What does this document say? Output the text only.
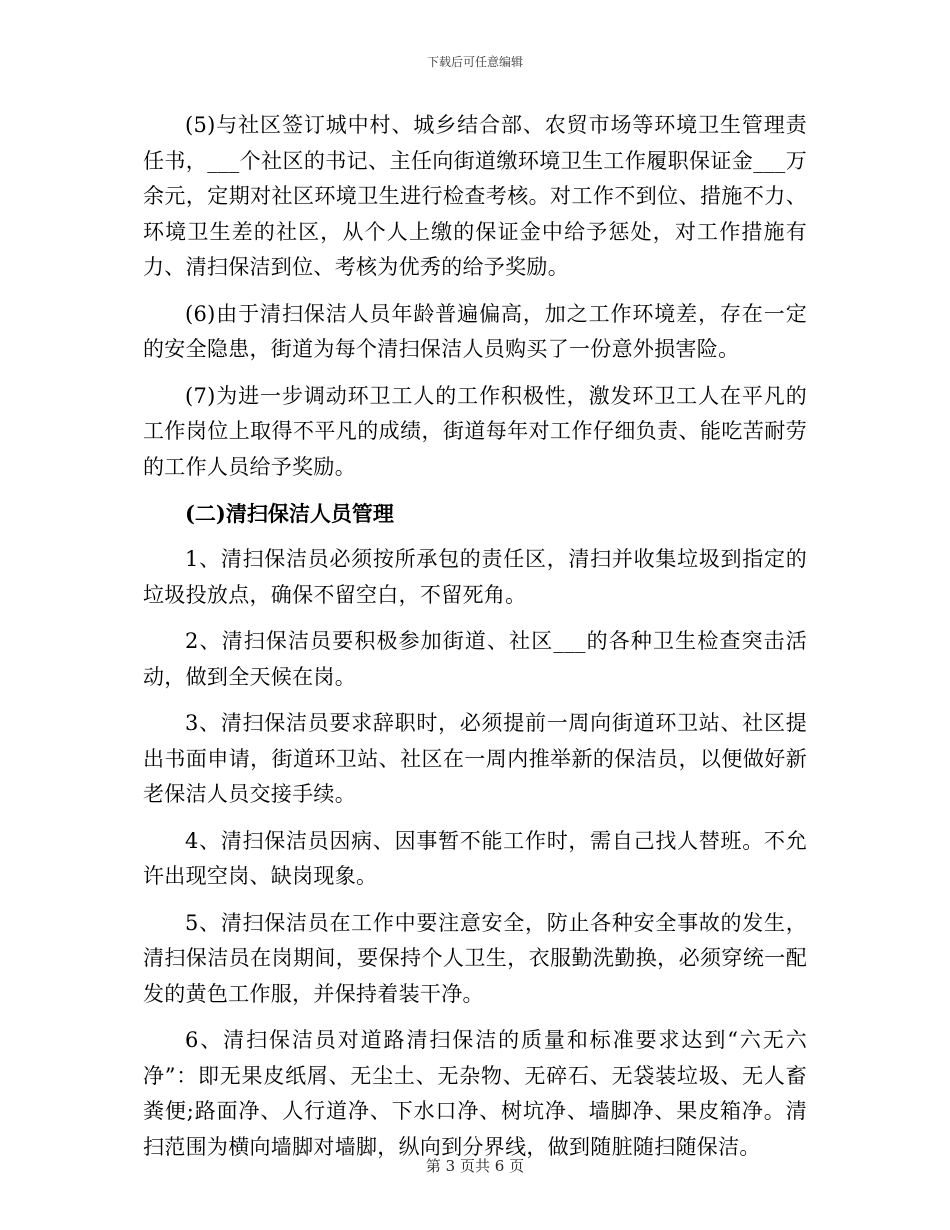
下载后可任意编辑

(5)与社区签订城中村、城乡结合部、农贸市场等环境卫生管理责任书，___个社区的书记、主任向街道缴环境卫生工作履职保证金___万余元，定期对社区环境卫生进行检查考核。对工作不到位、措施不力、环境卫生差的社区，从个人上缴的保证金中给予惩处，对工作措施有力、清扫保洁到位、考核为优秀的给予奖励。

(6)由于清扫保洁人员年龄普遍偏高，加之工作环境差，存在一定的安全隐患，街道为每个清扫保洁人员购买了一份意外损害险。

(7)为进一步调动环卫工人的工作积极性，激发环卫工人在平凡的工作岗位上取得不平凡的成绩，街道每年对工作仔细负责、能吃苦耐劳的工作人员给予奖励。

(二)清扫保洁人员管理

1、清扫保洁员必须按所承包的责任区，清扫并收集垃圾到指定的垃圾投放点，确保不留空白，不留死角。

2、清扫保洁员要积极参加街道、社区___的各种卫生检查突击活动，做到全天候在岗。

3、清扫保洁员要求辞职时，必须提前一周向街道环卫站、社区提出书面申请，街道环卫站、社区在一周内推举新的保洁员，以便做好新老保洁人员交接手续。

4、清扫保洁员因病、因事暂不能工作时，需自己找人替班。不允许出现空岗、缺岗现象。

5、清扫保洁员在工作中要注意安全，防止各种安全事故的发生，清扫保洁员在岗期间，要保持个人卫生，衣服勤洗勤换，必须穿统一配发的黄色工作服，并保持着装干净。

6、清扫保洁员对道路清扫保洁的质量和标准要求达到“六无六净”：即无果皮纸屑、无尘土、无杂物、无碎石、无袋装垃圾、无人畜粪便;路面净、人行道净、下水口净、树坑净、墙脚净、果皮箱净。清扫范围为横向墙脚对墙脚，纵向到分界线，做到随脏随扫随保洁。

第 3 页共 6 页
